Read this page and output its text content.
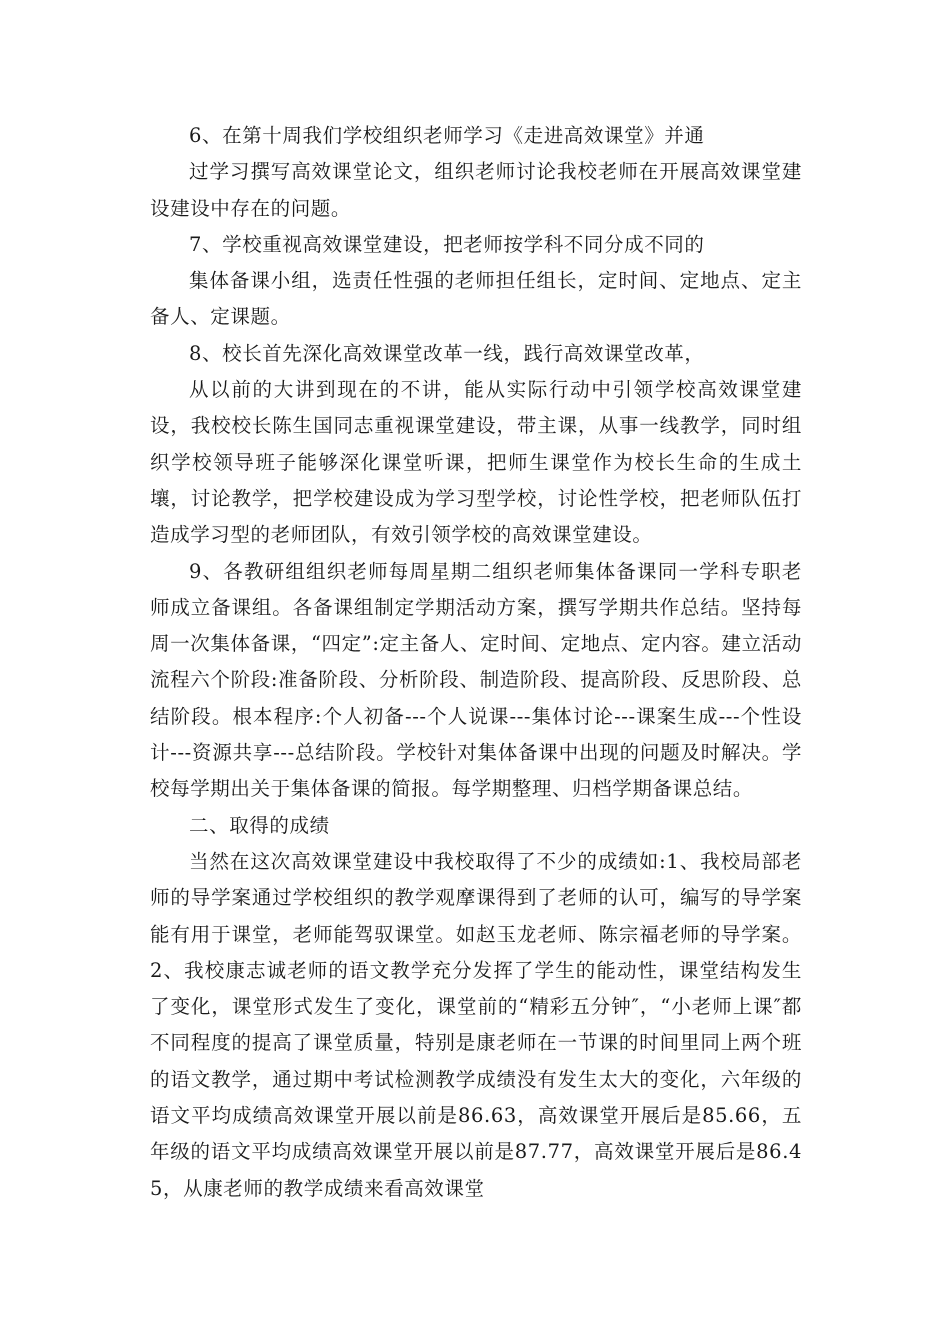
6、在第十周我们学校组织老师学习《走进高效课堂》并通

过学习撰写高效课堂论文，组织老师讨论我校老师在开展高效课堂建设建设中存在的问题。

7、学校重视高效课堂建设，把老师按学科不同分成不同的

集体备课小组，选责任性强的老师担任组长，定时间、定地点、定主备人、定课题。

8、校长首先深化高效课堂改革一线，践行高效课堂改革，

从以前的大讲到现在的不讲，能从实际行动中引领学校高效课堂建设，我校校长陈生国同志重视课堂建设，带主课，从事一线教学，同时组织学校领导班子能够深化课堂听课，把师生课堂作为校长生命的生成土壤，讨论教学，把学校建设成为学习型学校，讨论性学校，把老师队伍打造成学习型的老师团队，有效引领学校的高效课堂建设。

9、各教研组组织老师每周星期二组织老师集体备课同一学科专职老师成立备课组。各备课组制定学期活动方案，撰写学期共作总结。坚持每周一次集体备课，“四定”:定主备人、定时间、定地点、定内容。建立活动流程六个阶段:准备阶段、分析阶段、制造阶段、提高阶段、反思阶段、总结阶段。根本程序:个人初备---个人说课---集体讨论---课案生成---个性设计---资源共享---总结阶段。学校针对集体备课中出现的问题及时解决。学校每学期出关于集体备课的简报。每学期整理、归档学期备课总结。

二、取得的成绩

当然在这次高效课堂建设中我校取得了不少的成绩如:1、我校局部老师的导学案通过学校组织的教学观摩课得到了老师的认可，编写的导学案能有用于课堂，老师能驾驭课堂。如赵玉龙老师、陈宗福老师的导学案。2、我校康志诚老师的语文教学充分发挥了学生的能动性，课堂结构发生了变化，课堂形式发生了变化，课堂前的“精彩五分钟″，“小老师上课″都不同程度的提高了课堂质量，特别是康老师在一节课的时间里同上两个班的语文教学，通过期中考试检测教学成绩没有发生太大的变化，六年级的语文平均成绩高效课堂开展以前是86.63，高效课堂开展后是85.66，五年级的语文平均成绩高效课堂开展以前是87.77，高效课堂开展后是86.45，从康老师的教学成绩来看高效课堂
